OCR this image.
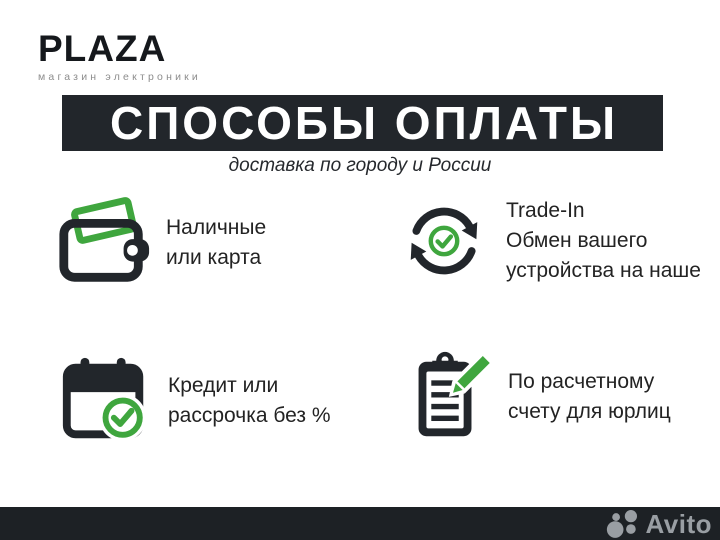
PLAZA
магазин электроники
СПОСОБЫ ОПЛАТЫ
доставка по городу и России
Наличные
или карта
Trade-In
Обмен вашего
устройства на наше
Кредит или
рассрочка без %
По расчетному
счету для юрлиц
Avito
